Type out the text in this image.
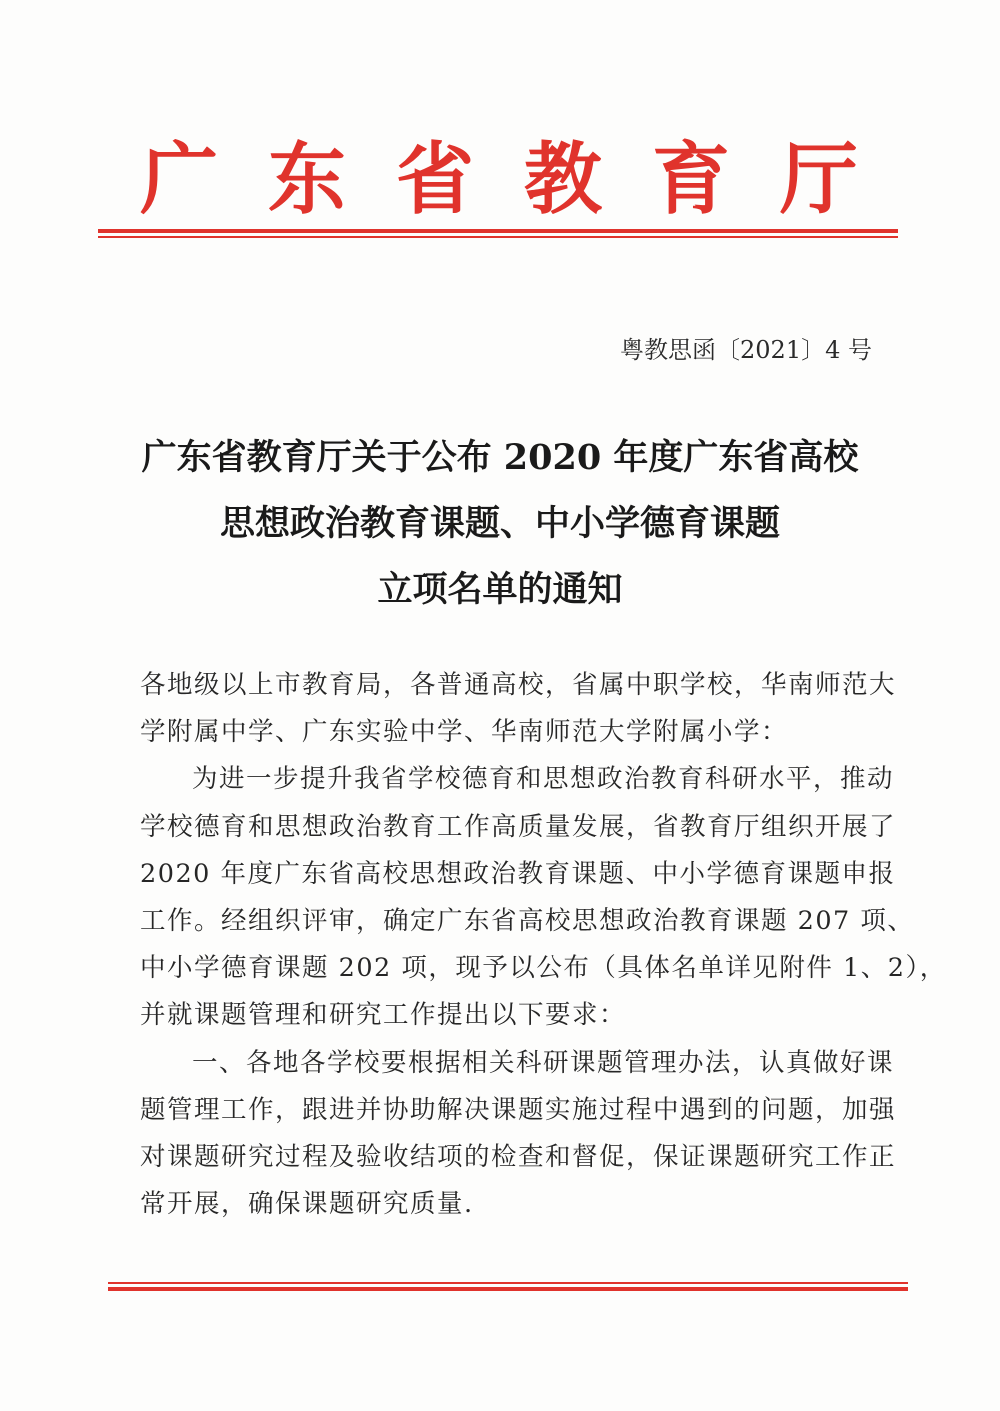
广 东 省 教 育 厅
粤教思函〔2021〕4 号
广东省教育厅关于公布 2020 年度广东省高校
思想政治教育课题、中小学德育课题
立项名单的通知
各地级以上市教育局，各普通高校，省属中职学校，华南师范大
学附属中学、广东实验中学、华南师范大学附属小学：
为进一步提升我省学校德育和思想政治教育科研水平，推动
学校德育和思想政治教育工作高质量发展，省教育厅组织开展了
2020 年度广东省高校思想政治教育课题、中小学德育课题申报
工作。经组织评审，确定广东省高校思想政治教育课题 207 项、
中小学德育课题 202 项，现予以公布（具体名单详见附件 1、2），
并就课题管理和研究工作提出以下要求：
一、各地各学校要根据相关科研课题管理办法，认真做好课
题管理工作，跟进并协助解决课题实施过程中遇到的问题，加强
对课题研究过程及验收结项的检查和督促，保证课题研究工作正
常开展，确保课题研究质量.
